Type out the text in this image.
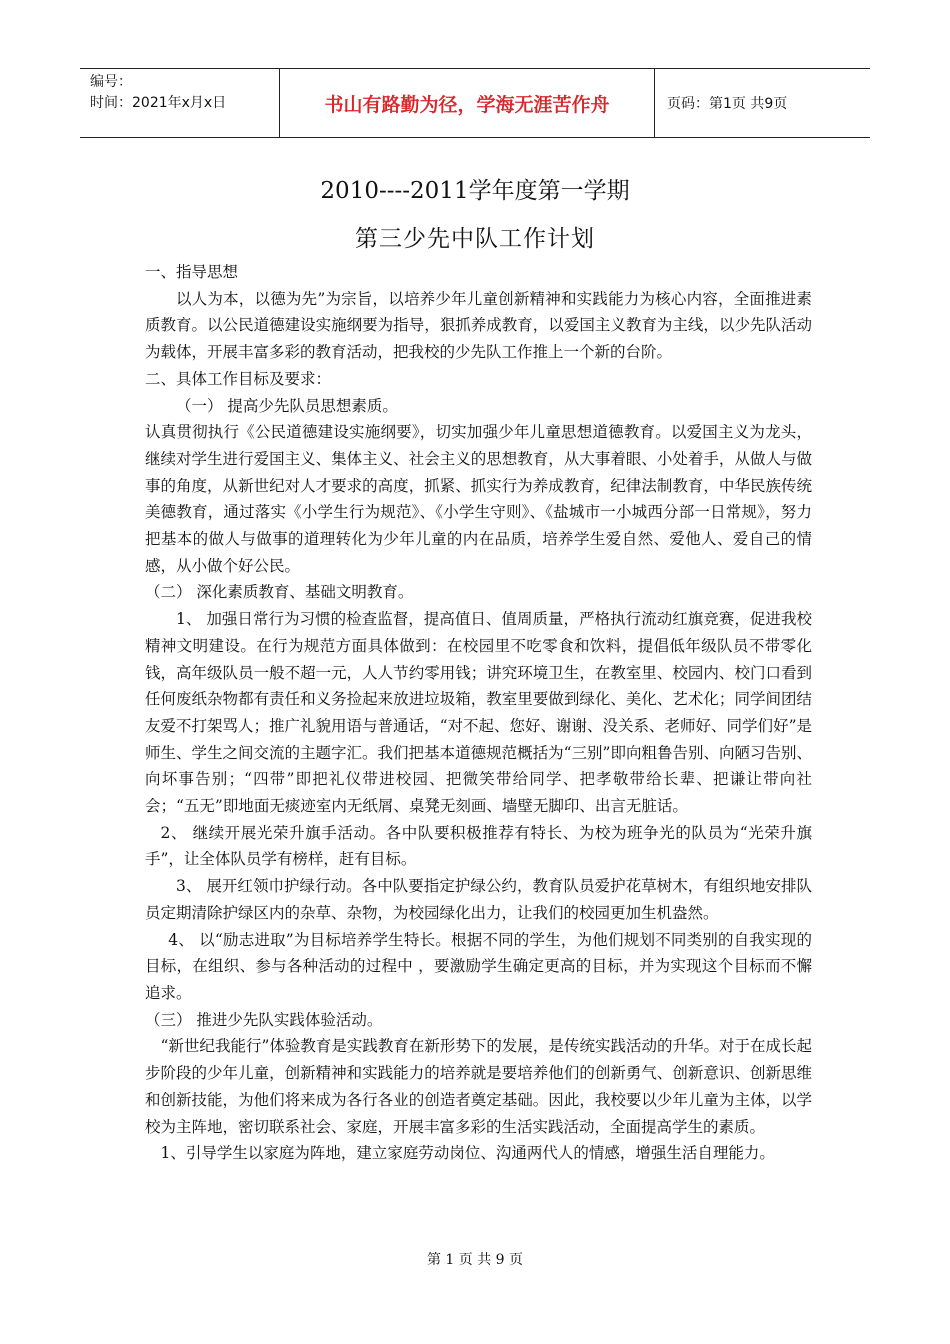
编号：
时间：2021年x月x日	书山有路勤为径，学海无涯苦作舟	页码：第1页 共9页
2010----2011学年度第一学期
第三少先中队工作计划

一、指导思想

以人为本，以德为先”为宗旨，以培养少年儿童创新精神和实践能力为核心内容，全面推进素质教育。以公民道德建设实施纲要为指导，狠抓养成教育，以爱国主义教育为主线，以少先队活动为载体，开展丰富多彩的教育活动，把我校的少先队工作推上一个新的台阶。

二、具体工作目标及要求：

（一） 提高少先队员思想素质。

认真贯彻执行《公民道德建设实施纲要》，切实加强少年儿童思想道德教育。以爱国主义为龙头，继续对学生进行爱国主义、集体主义、社会主义的思想教育，从大事着眼、小处着手，从做人与做事的角度，从新世纪对人才要求的高度，抓紧、抓实行为养成教育，纪律法制教育，中华民族传统美德教育，通过落实《小学生行为规范》、《小学生守则》、《盐城市一小城西分部一日常规》，努力把基本的做人与做事的道理转化为少年儿童的内在品质，培养学生爱自然、爱他人、爱自己的情感，从小做个好公民。

（二） 深化素质教育、基础文明教育。

1、 加强日常行为习惯的检查监督，提高值日、值周质量，严格执行流动红旗竞赛，促进我校精神文明建设。在行为规范方面具体做到：在校园里不吃零食和饮料，提倡低年级队员不带零化钱，高年级队员一般不超一元，人人节约零用钱；讲究环境卫生，在教室里、校园内、校门口看到任何废纸杂物都有责任和义务捡起来放进垃圾箱，教室里要做到绿化、美化、艺术化；同学间团结友爱不打架骂人；推广礼貌用语与普通话，“对不起、您好、谢谢、没关系、老师好、同学们好”是师生、学生之间交流的主题字汇。我们把基本道德规范概括为“三别”即向粗鲁告别、向陋习告别、向坏事告别；“四带”即把礼仪带进校园、把微笑带给同学、把孝敬带给长辈、把谦让带向社会；“五无”即地面无痰迹室内无纸屑、桌凳无刻画、墙壁无脚印、出言无脏话。

2、 继续开展光荣升旗手活动。各中队要积极推荐有特长、为校为班争光的队员为“光荣升旗手”，让全体队员学有榜样，赶有目标。

3、 展开红领巾护绿行动。各中队要指定护绿公约，教育队员爱护花草树木，有组织地安排队员定期清除护绿区内的杂草、杂物，为校园绿化出力，让我们的校园更加生机盎然。

4、 以“励志进取”为目标培养学生特长。根据不同的学生，为他们规划不同类别的自我实现的目标，在组织、参与各种活动的过程中 ，要激励学生确定更高的目标，并为实现这个目标而不懈追求。

（三） 推进少先队实践体验活动。

“新世纪我能行”体验教育是实践教育在新形势下的发展，是传统实践活动的升华。对于在成长起步阶段的少年儿童，创新精神和实践能力的培养就是要培养他们的创新勇气、创新意识、创新思维和创新技能，为他们将来成为各行各业的创造者奠定基础。因此，我校要以少年儿童为主体，以学校为主阵地，密切联系社会、家庭，开展丰富多彩的生活实践活动，全面提高学生的素质。

1、引导学生以家庭为阵地，建立家庭劳动岗位、沟通两代人的情感，增强生活自理能力。

第 1 页 共 9 页
